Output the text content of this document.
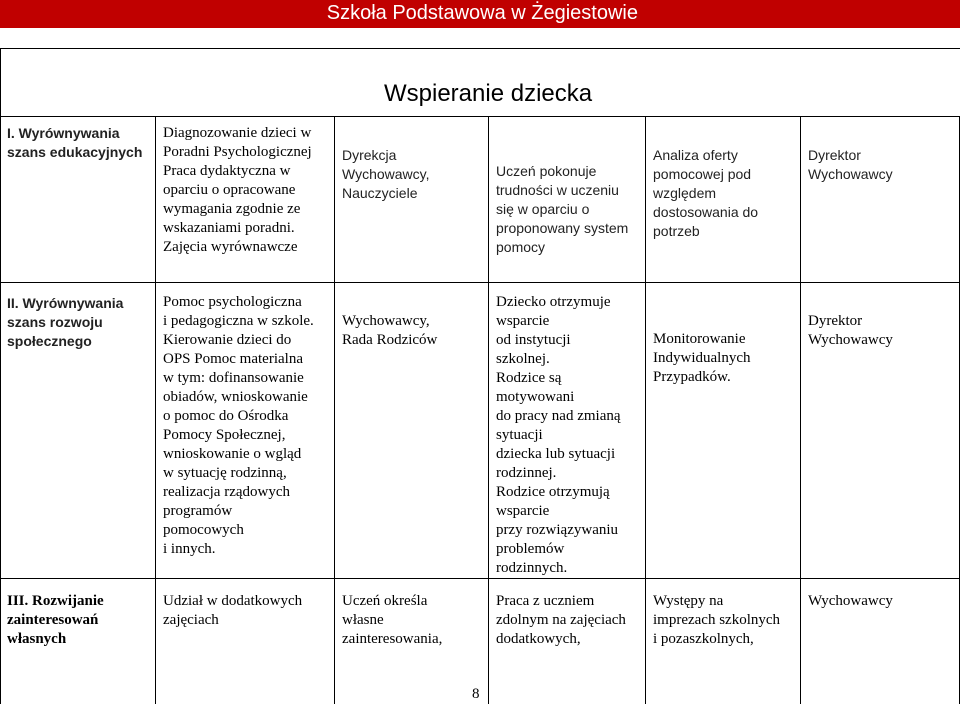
Szkoła Podstawowa w Żegiestowie
Wspieranie dziecka
I. Wyrównywania
szans edukacyjnych
Diagnozowanie dzieci w
Poradni Psychologicznej
Praca dydaktyczna w
oparciu o opracowane
wymagania zgodnie ze
wskazaniami poradni.
Zajęcia wyrównawcze
Dyrekcja
Wychowawcy,
Nauczyciele
Uczeń pokonuje
trudności w uczeniu
się w oparciu o
proponowany system
pomocy
Analiza oferty
pomocowej pod
względem
dostosowania do
potrzeb
Dyrektor
Wychowawcy
II. Wyrównywania
szans rozwoju
społecznego
Pomoc psychologiczna
i pedagogiczna w szkole.
Kierowanie dzieci do
OPS Pomoc materialna
w tym: dofinansowanie
obiadów, wnioskowanie
o pomoc do Ośrodka
Pomocy Społecznej,
wnioskowanie o wgląd
w sytuację rodzinną,
realizacja rządowych
programów
pomocowych
i innych.
Wychowawcy,
Rada Rodziców
Dziecko otrzymuje
wsparcie
od instytucji
szkolnej.
Rodzice są
motywowani
do pracy nad zmianą
sytuacji
dziecka lub sytuacji
rodzinnej.
Rodzice otrzymują
wsparcie
przy rozwiązywaniu
problemów
rodzinnych.
Monitorowanie
Indywidualnych
Przypadków.
Dyrektor
Wychowawcy
III. Rozwijanie
zainteresowań
własnych
Udział w dodatkowych
zajęciach
Uczeń określa
własne
zainteresowania,
Praca z uczniem
zdolnym na zajęciach
dodatkowych,
Występy na
imprezach szkolnych
i pozaszkolnych,
Wychowawcy
8
